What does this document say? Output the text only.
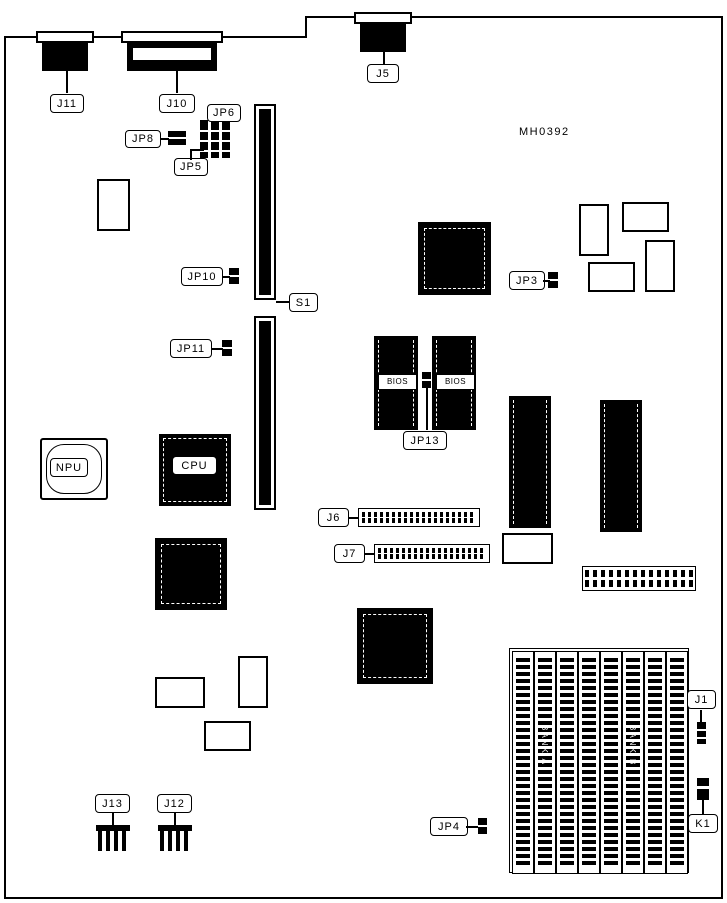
MH0392
J11	J10
J5
JP6
JP5
JP8
S1
JP10
JP11
JP3
JP4
NPU	CPU
BIOS	BIOS
JP13
J6
J7
BANK A	BANK B
J1
K1
J13	J12
